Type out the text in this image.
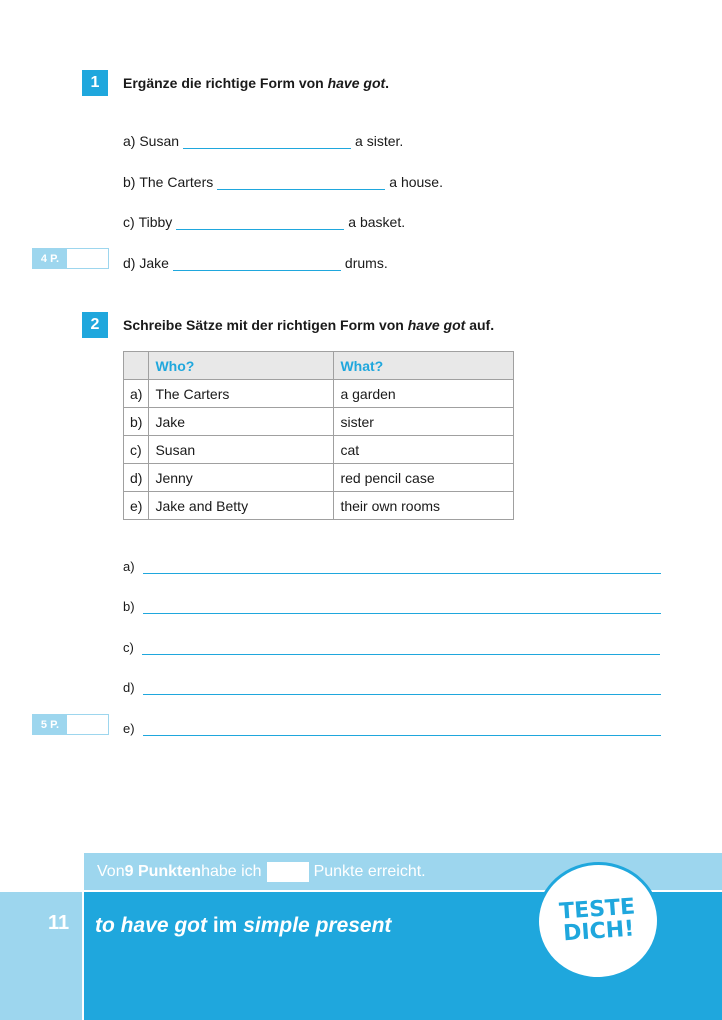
1	Ergänze die richtige Form von have got.
a)
Susan	a sister.
b)
The Carters	a house.
c)
Tibby	a basket.
d)
Jake	drums.
4 P.
2	Schreibe Sätze mit der richtigen Form von have got auf.
	Who?	What?
a)	The Carters	a garden
b)	Jake	sister
c)	Susan	cat
d)	Jenny	red pencil case
e)	Jake and Betty	their own rooms
a)
b)
c)
d)
e)
5 P.
Von 9 Punkten habe ich	Punkte erreicht.
11 to have got im simple present
TESTE
DICH!
